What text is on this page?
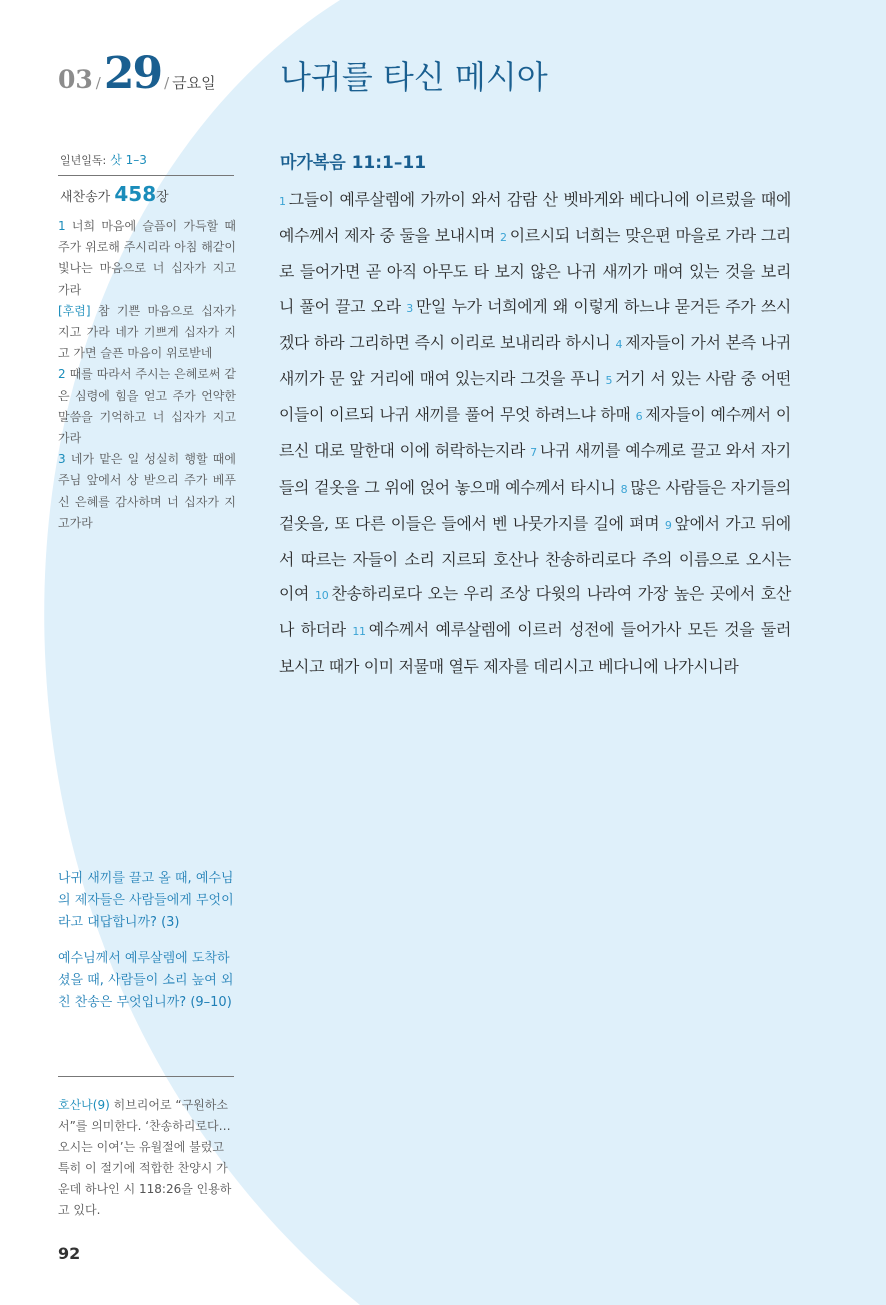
03 / 29 / 금요일 나귀를 타신 메시아
일년일독: 삿 1–3
새찬송가 458장

1 너희 마음에 슬픔이 가득할 때 주가 위로해 주시리라 아침 해같이 빛나는 마음으로 너 십자가 지고 가라

[후렴] 참 기쁜 마음으로 십자가 지고 가라 네가 기쁘게 십자가 지고 가면 슬픈 마음이 위로받네

2 때를 따라서 주시는 은혜로써 같은 심령에 힘을 얻고 주가 언약한 말씀을 기억하고 너 십자가 지고 가라

3 네가 맡은 일 성실히 행할 때에 주님 앞에서 상 받으리 주가 베푸신 은혜를 감사하며 너 십자가 지고가라

나귀 새끼를 끌고 올 때, 예수님의 제자들은 사람들에게 무엇이라고 대답합니까? (3)

예수님께서 예루살렘에 도착하셨을 때, 사람들이 소리 높여 외친 찬송은 무엇입니까? (9–10)

호산나(9) 히브리어로 “구원하소서”를 의미한다. ‘찬송하리로다…오시는 이여’는 유월절에 불렀고 특히 이 절기에 적합한 찬양시 가운데 하나인 시 118:26을 인용하고 있다.
92
마가복음 11:1–11
1 그들이 예루살렘에 가까이 와서 감람 산 벳바게와 베다니에 이르렀을 때에 예수께서 제자 중 둘을 보내시며 2 이르시되 너희는 맞은편 마을로 가라 그리로 들어가면 곧 아직 아무도 타 보지 않은 나귀 새끼가 매여 있는 것을 보리니 풀어 끌고 오라 3 만일 누가 너희에게 왜 이렇게 하느냐 묻거든 주가 쓰시겠다 하라 그리하면 즉시 이리로 보내리라 하시니 4 제자들이 가서 본즉 나귀 새끼가 문 앞 거리에 매여 있는지라 그것을 푸니 5 거기 서 있는 사람 중 어떤 이들이 이르되 나귀 새끼를 풀어 무엇 하려느냐 하매 6 제자들이 예수께서 이르신 대로 말한대 이에 허락하는지라 7 나귀 새끼를 예수께로 끌고 와서 자기들의 겉옷을 그 위에 얹어 놓으매 예수께서 타시니 8 많은 사람들은 자기들의 겉옷을, 또 다른 이들은 들에서 벤 나뭇가지를 길에 펴며 9 앞에서 가고 뒤에서 따르는 자들이 소리 지르되 호산나 찬송하리로다 주의 이름으로 오시는 이여 10 찬송하리로다 오는 우리 조상 다윗의 나라여 가장 높은 곳에서 호산나 하더라 11 예수께서 예루살렘에 이르러 성전에 들어가사 모든 것을 둘러 보시고 때가 이미 저물매 열두 제자를 데리시고 베다니에 나가시니라
